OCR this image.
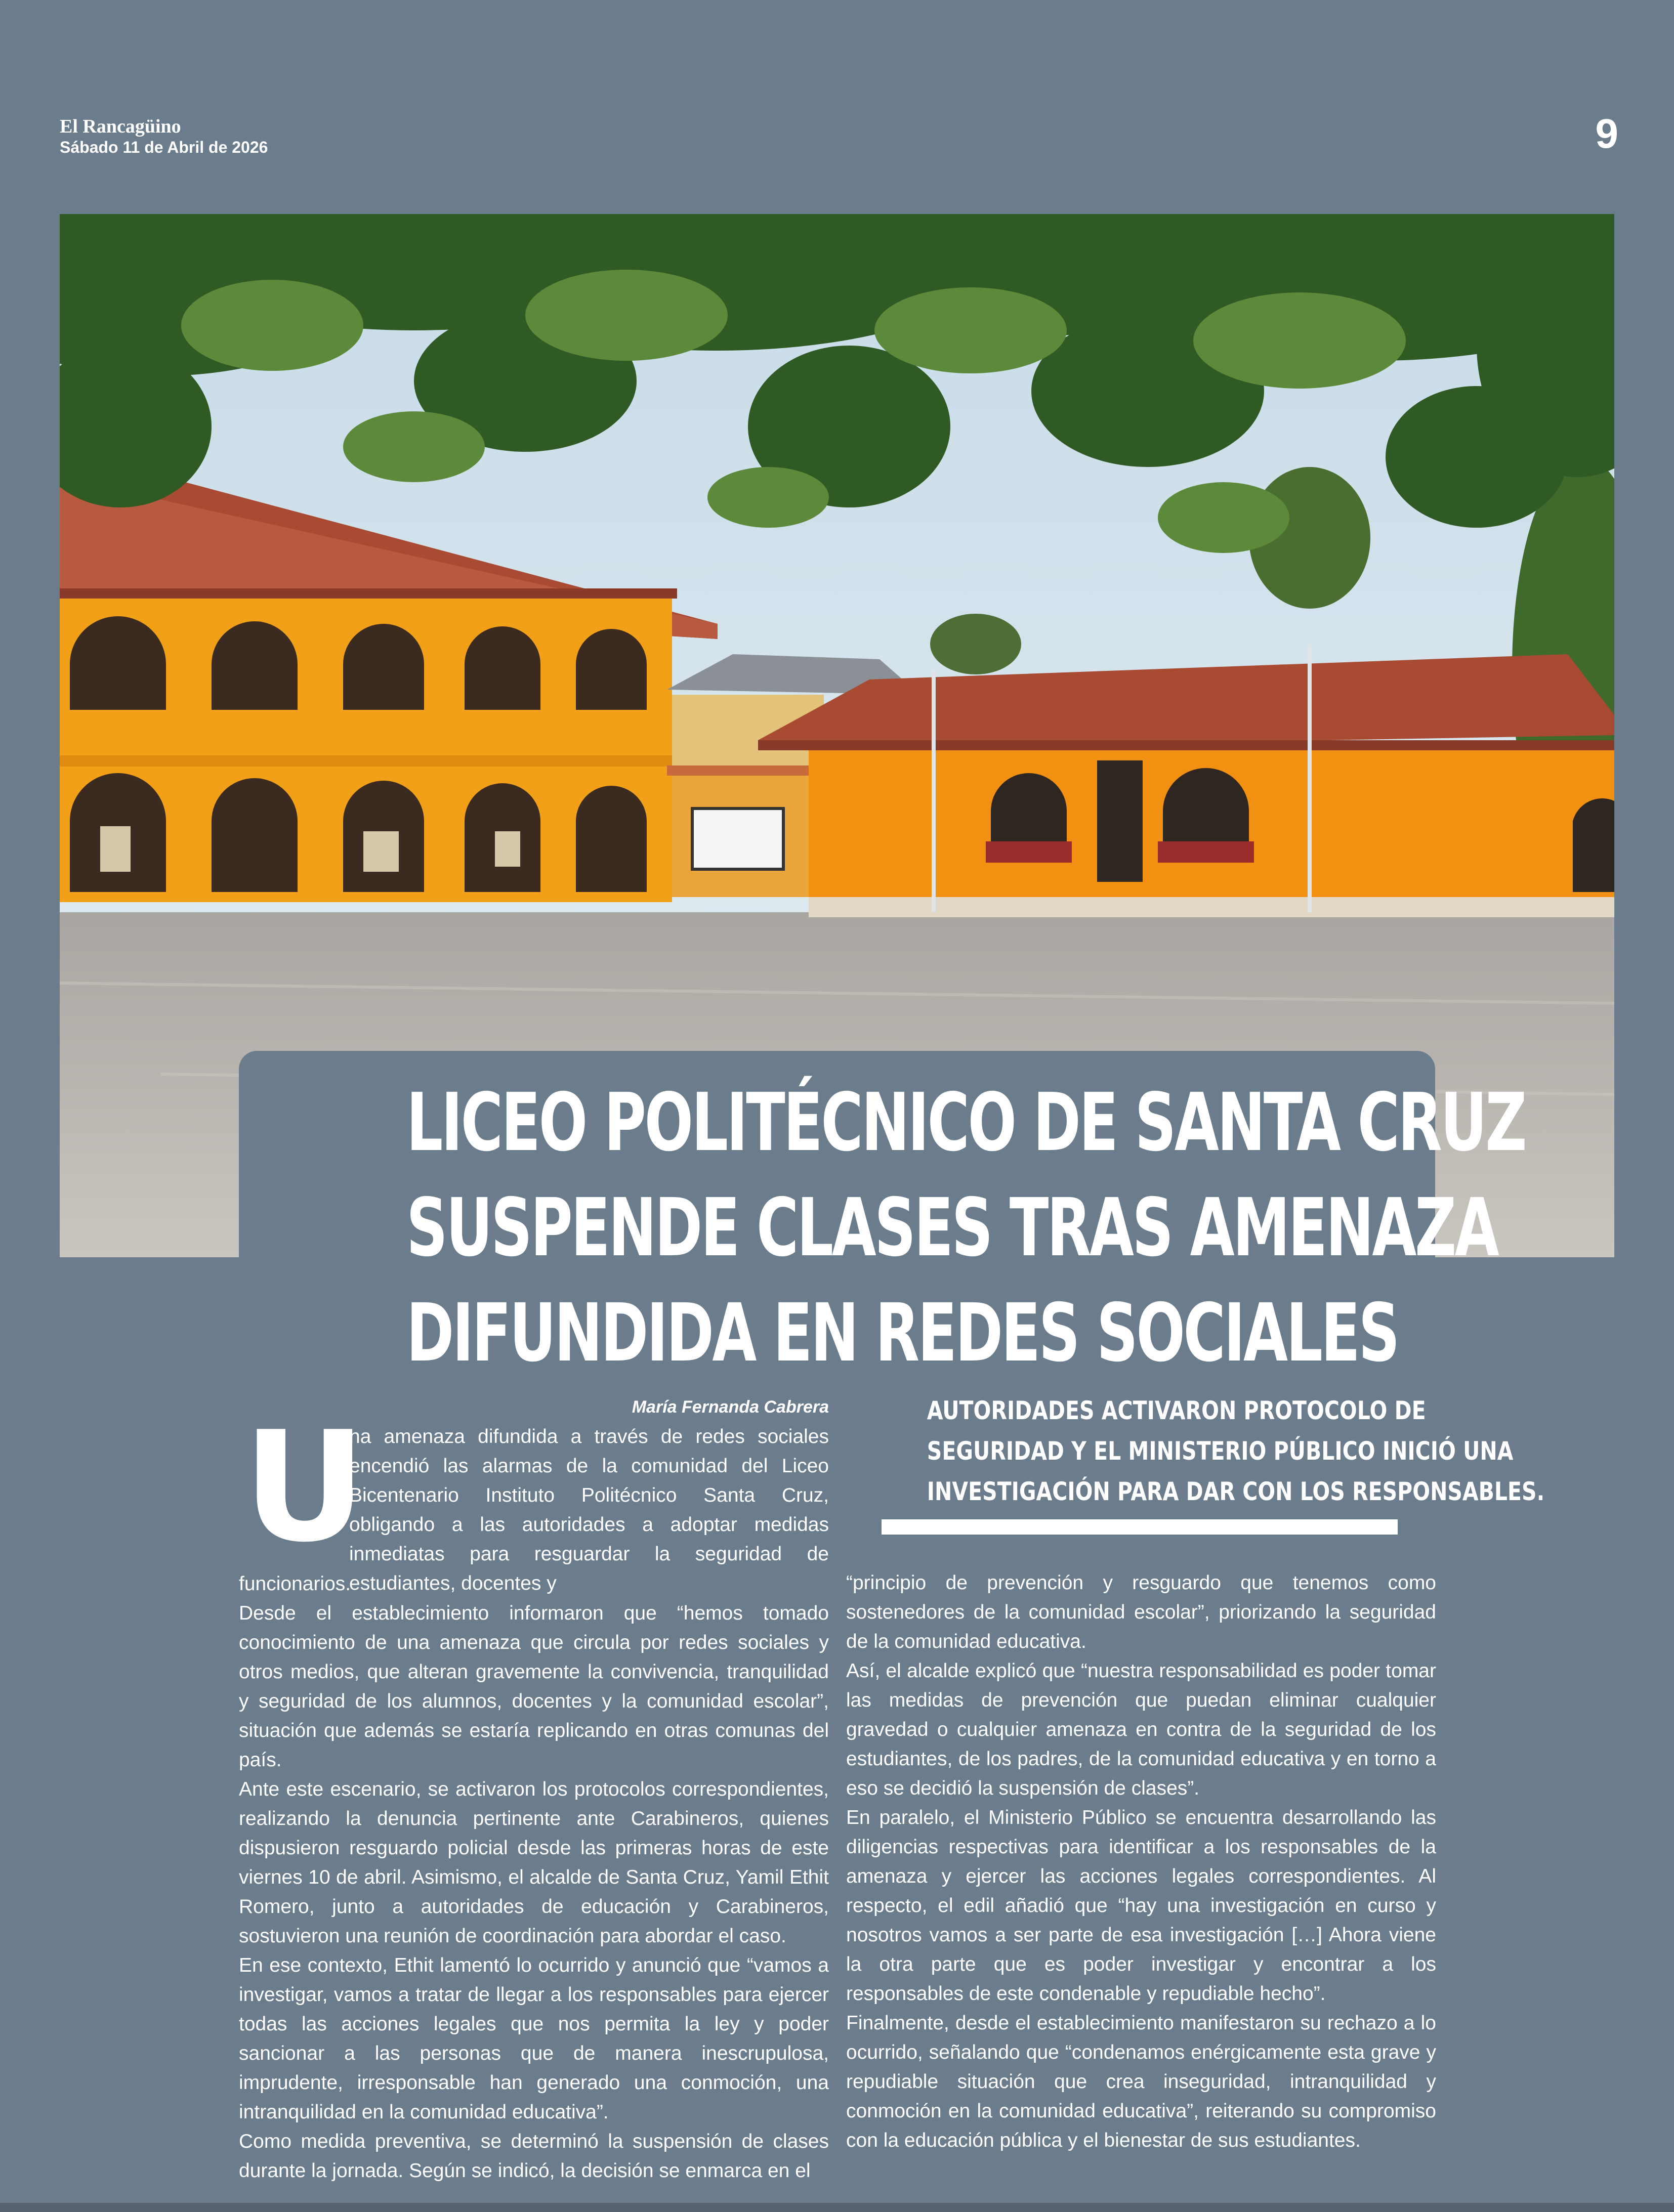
El Rancagüino
Sábado 11 de Abril de 2026	9
LICEO POLITÉCNICO DE SANTA CRUZ
SUSPENDE CLASES TRAS AMENAZA
DIFUNDIDA EN REDES SOCIALES
María Fernanda Cabrera
U

na amenaza difundida a través de redes sociales encendió las alarmas de la comunidad del Liceo Bicentenario Instituto Politécnico Santa Cruz, obligando a las autoridades a adoptar medidas inmediatas para resguardar la seguridad de estudiantes, docentes y

funcionarios.

Desde el establecimiento informaron que “hemos tomado conocimiento de una amenaza que circula por redes sociales y otros medios, que alteran gravemente la convivencia, tranquilidad y seguridad de los alumnos, docentes y la comunidad escolar”, situación que además se estaría replicando en otras comunas del país.

Ante este escenario, se activaron los protocolos correspondientes, realizando la denuncia pertinente ante Carabineros, quienes dispusieron resguardo policial desde las primeras horas de este viernes 10 de abril. Asimismo, el alcalde de Santa Cruz, Yamil Ethit Romero, junto a autoridades de educación y Carabineros, sostuvieron una reunión de coordinación para abordar el caso.

En ese contexto, Ethit lamentó lo ocurrido y anunció que “vamos a investigar, vamos a tratar de llegar a los responsables para ejercer todas las acciones legales que nos permita la ley y poder sancionar a las personas que de manera inescrupulosa, imprudente, irresponsable han generado una conmoción, una intranquilidad en la comunidad educativa”.

Como medida preventiva, se determinó la suspensión de clases durante la jornada. Según se indicó, la decisión se enmarca en el

AUTORIDADES ACTIVARON PROTOCOLO DE
SEGURIDAD Y EL MINISTERIO PÚBLICO INICIÓ UNA
INVESTIGACIÓN PARA DAR CON LOS RESPONSABLES.

“principio de prevención y resguardo que tenemos como sostenedores de la comunidad escolar”, priorizando la seguridad de la comunidad educativa.

Así, el alcalde explicó que “nuestra responsabilidad es poder tomar las medidas de prevención que puedan eliminar cualquier gravedad o cualquier amenaza en contra de la seguridad de los estudiantes, de los padres, de la comunidad educativa y en torno a eso se decidió la suspensión de clases”.

En paralelo, el Ministerio Público se encuentra desarrollando las diligencias respectivas para identificar a los responsables de la amenaza y ejercer las acciones legales correspondientes. Al respecto, el edil añadió que “hay una investigación en curso y nosotros vamos a ser parte de esa investigación […] Ahora viene la otra parte que es poder investigar y encontrar a los responsables de este condenable y repudiable hecho”.

Finalmente, desde el establecimiento manifestaron su rechazo a lo ocurrido, señalando que “condenamos enérgicamente esta grave y repudiable situación que crea inseguridad, intranquilidad y conmoción en la comunidad educativa”, reiterando su compromiso con la educación pública y el bienestar de sus estudiantes.
